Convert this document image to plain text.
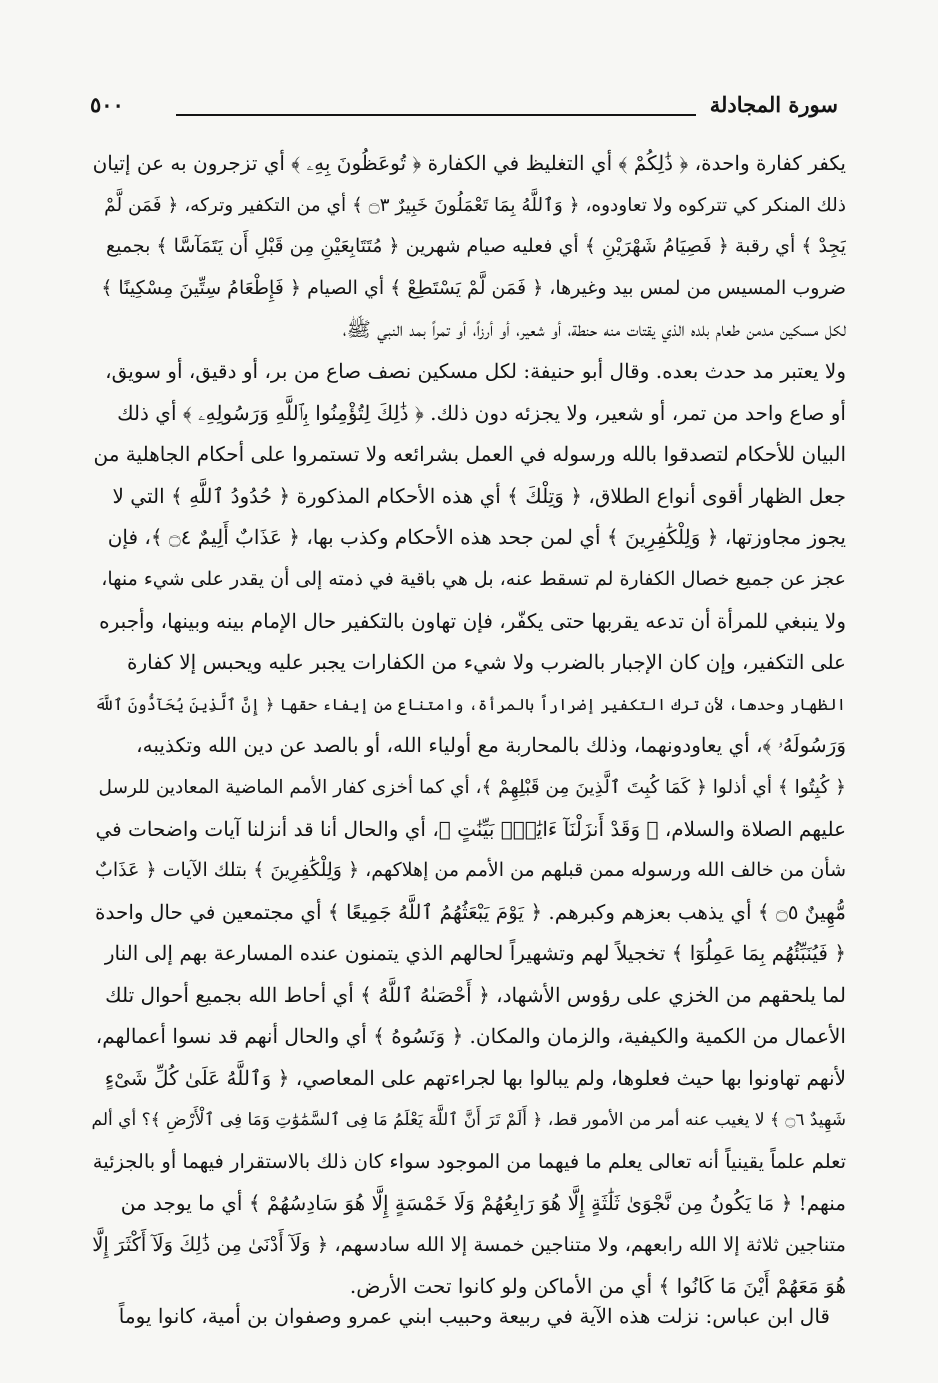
سورة المجادلة
٥٠٠
يكفر كفارة واحدة، ﴿ ذَٰلِكُمْ ﴾ أي التغليظ في الكفارة ﴿ تُوعَظُونَ بِهِۦ ﴾ أي تزجرون به عن إتيان
ذلك المنكر كي تتركوه ولا تعاودوه، ﴿ وَٱللَّهُ بِمَا تَعْمَلُونَ خَبِيرٌ ۝٣ ﴾ أي من التكفير وتركه، ﴿ فَمَن لَّمْ
يَجِدْ ﴾ أي رقبة ﴿ فَصِيَامُ شَهْرَيْنِ ﴾ أي فعليه صيام شهرين ﴿ مُتَتَابِعَيْنِ مِن قَبْلِ أَن يَتَمَآسَّا ﴾ بجميع
ضروب المسيس من لمس بيد وغيرها، ﴿ فَمَن لَّمْ يَسْتَطِعْ ﴾ أي الصيام ﴿ فَإِطْعَامُ سِتِّينَ مِسْكِينًا ﴾
لكل مسكين مدمن طعام بلده الذي يقتات منه حنطة، أو شعير، أو أرزاً، أو تمراً بمد النبي ﷺ،
ولا يعتبر مد حدث بعده. وقال أبو حنيفة: لكل مسكين نصف صاع من بر، أو دقيق، أو سويق،
أو صاع واحد من تمر، أو شعير، ولا يجزئه دون ذلك. ﴿ ذَٰلِكَ لِتُؤْمِنُوا بِٱللَّهِ وَرَسُولِهِۦ ﴾ أي ذلك
البيان للأحكام لتصدقوا بالله ورسوله في العمل بشرائعه ولا تستمروا على أحكام الجاهلية من
جعل الظهار أقوى أنواع الطلاق، ﴿ وَتِلْكَ ﴾ أي هذه الأحكام المذكورة ﴿ حُدُودُ ٱللَّهِ ﴾ التي لا
يجوز مجاوزتها، ﴿ وَلِلْكَٰفِرِينَ ﴾ أي لمن جحد هذه الأحكام وكذب بها، ﴿ عَذَابٌ أَلِيمٌ ۝٤ ﴾، فإن
عجز عن جميع خصال الكفارة لم تسقط عنه، بل هي باقية في ذمته إلى أن يقدر على شيء منها،
ولا ينبغي للمرأة أن تدعه يقربها حتى يكفّر، فإن تهاون بالتكفير حال الإمام بينه وبينها، وأجبره
على التكفير، وإن كان الإجبار بالضرب ولا شيء من الكفارات يجبر عليه ويحبس إلا كفارة
الظهار وحدها، لأن ترك التكفير إضراراً بالمرأة، وامتناع من إيفاء حقها ﴿ إِنَّ ٱلَّذِينَ يُحَآدُّونَ ٱللَّهَ
وَرَسُولَهُۥ ﴾، أي يعاودونهما، وذلك بالمحاربة مع أولياء الله، أو بالصد عن دين الله وتكذيبه،
﴿ كُبِتُوا ﴾ أي أذلوا ﴿ كَمَا كُبِتَ ٱلَّذِينَ مِن قَبْلِهِمْ ﴾، أي كما أخزى كفار الأمم الماضية المعادين للرسل
عليهم الصلاة والسلام، ﴿ وَقَدْ أَنزَلْنَآ ءَايَٰتٍۭ بَيِّنَٰتٍ ﴾، أي والحال أنا قد أنزلنا آيات واضحات في
شأن من خالف الله ورسوله ممن قبلهم من الأمم من إهلاكهم، ﴿ وَلِلْكَٰفِرِينَ ﴾ بتلك الآيات ﴿ عَذَابٌ
مُّهِينٌ ۝٥ ﴾ أي يذهب بعزهم وكبرهم. ﴿ يَوْمَ يَبْعَثُهُمُ ٱللَّهُ جَمِيعًا ﴾ أي مجتمعين في حال واحدة
﴿ فَيُنَبِّئُهُم بِمَا عَمِلُوٓا ﴾ تخجيلاً لهم وتشهيراً لحالهم الذي يتمنون عنده المسارعة بهم إلى النار
لما يلحقهم من الخزي على رؤوس الأشهاد، ﴿ أَحْصَىٰهُ ٱللَّهُ ﴾ أي أحاط الله بجميع أحوال تلك
الأعمال من الكمية والكيفية، والزمان والمكان. ﴿ وَنَسُوهُ ﴾ أي والحال أنهم قد نسوا أعمالهم،
لأنهم تهاونوا بها حيث فعلوها، ولم يبالوا بها لجراءتهم على المعاصي، ﴿ وَٱللَّهُ عَلَىٰ كُلِّ شَىْءٍ
شَهِيدٌ ۝٦ ﴾ لا يغيب عنه أمر من الأمور قط، ﴿ أَلَمْ تَرَ أَنَّ ٱللَّهَ يَعْلَمُ مَا فِى ٱلسَّمَٰوَٰتِ وَمَا فِى ٱلْأَرْضِ ﴾؟ أي ألم
تعلم علماً يقينياً أنه تعالى يعلم ما فيهما من الموجود سواء كان ذلك بالاستقرار فيهما أو بالجزئية
منهم! ﴿ مَا يَكُونُ مِن نَّجْوَىٰ ثَلَٰثَةٍ إِلَّا هُوَ رَابِعُهُمْ وَلَا خَمْسَةٍ إِلَّا هُوَ سَادِسُهُمْ ﴾ أي ما يوجد من
متناجين ثلاثة إلا الله رابعهم، ولا متناجين خمسة إلا الله سادسهم، ﴿ وَلَآ أَدْنَىٰ مِن ذَٰلِكَ وَلَآ أَكْثَرَ إِلَّا
هُوَ مَعَهُمْ أَيْنَ مَا كَانُوا ﴾ أي من الأماكن ولو كانوا تحت الأرض.
قال ابن عباس: نزلت هذه الآية في ربيعة وحبيب ابني عمرو وصفوان بن أمية، كانوا يوماً
